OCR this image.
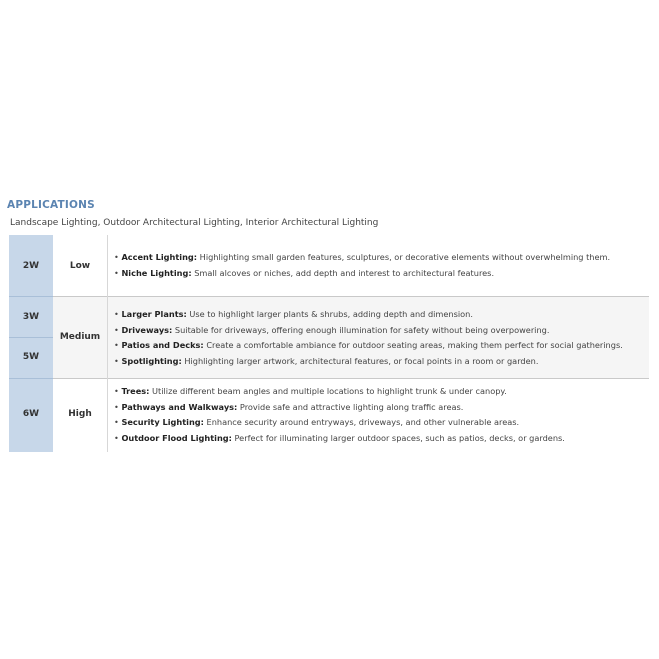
APPLICATIONS
Landscape Lighting, Outdoor Architectural Lighting, Interior Architectural Lighting
2W
3W
5W
6W
Low
Medium
High
• Accent Lighting: Highlighting small garden features, sculptures, or decorative elements without overwhelming them.
• Niche Lighting: Small alcoves or niches, add depth and interest to architectural features.
• Larger Plants: Use to highlight larger plants & shrubs, adding depth and dimension.
• Driveways: Suitable for driveways, offering enough illumination for safety without being overpowering.
• Patios and Decks: Create a comfortable ambiance for outdoor seating areas, making them perfect for social gatherings.
• Spotlighting: Highlighting larger artwork, architectural features, or focal points in a room or garden.
• Trees: Utilize different beam angles and multiple locations to highlight trunk & under canopy.
• Pathways and Walkways: Provide safe and attractive lighting along traffic areas.
• Security Lighting: Enhance security around entryways, driveways, and other vulnerable areas.
• Outdoor Flood Lighting: Perfect for illuminating larger outdoor spaces, such as patios, decks, or gardens.
